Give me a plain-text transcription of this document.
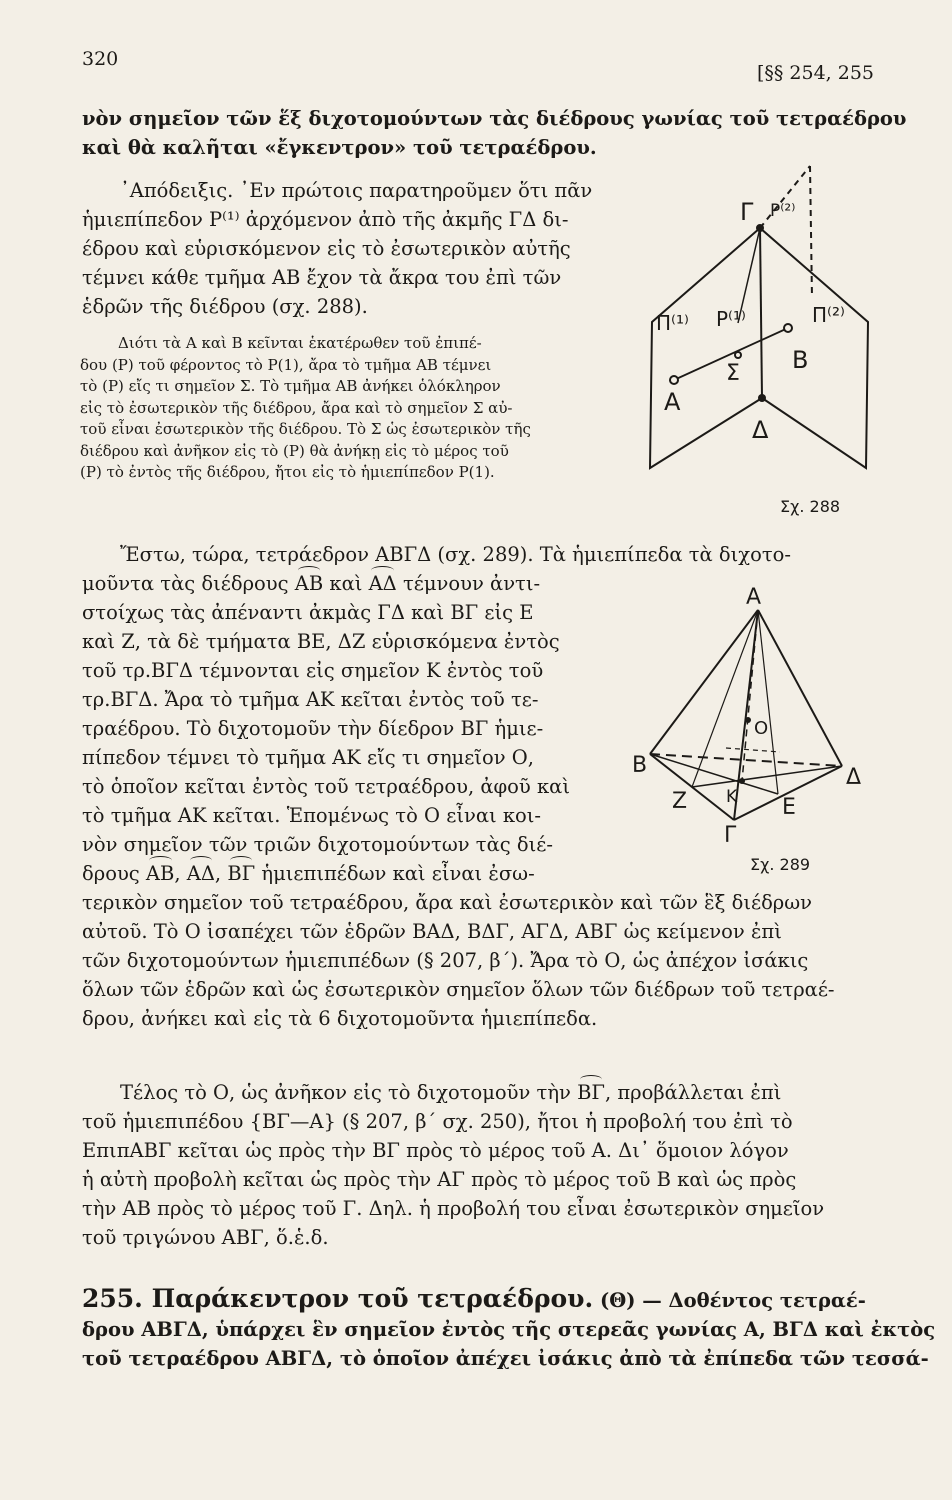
320
[§§ 254, 255
νὸν σημεῖον τῶν ἕξ διχοτομούντων τὰς διέδρους γωνίας τοῦ τετραέδρου
καὶ θὰ καλῆται «ἔγκεντρον» τοῦ τετραέδρου.
᾿Απόδειξις. ᾿Εν πρώτοις παρατηροῦμεν ὅτι πᾶν
ἡμιεπίπεδον P⁽¹⁾ ἀρχόμενον ἀπὸ τῆς ἀκμῆς ΓΔ δι-
έδρου καὶ εὑρισκόμενον εἰς τὸ ἐσωτερικὸν αὐτῆς
τέμνει κάθε τμῆμα ΑΒ ἔχον τὰ ἄκρα του ἐπὶ τῶν
ἑδρῶν τῆς διέδρου (σχ. 288).
Διότι τὰ Α καὶ Β κεῖνται ἑκατέρωθεν τοῦ ἐπιπέ-
δου (P) τοῦ φέροντος τὸ P(1), ἄρα τὸ τμῆμα ΑΒ τέμνει
τὸ (P) εἴς τι σημεῖον Σ. Τὸ τμῆμα ΑΒ ἀνήκει ὁλόκληρον
εἰς τὸ ἐσωτερικὸν τῆς διέδρου, ἄρα καὶ τὸ σημεῖον Σ αὐ-
τοῦ εἶναι ἐσωτερικὸν τῆς διέδρου. Τὸ Σ ὡς ἐσωτερικὸν τῆς
διέδρου καὶ ἀνῆκον εἰς τὸ (P) θὰ ἀνήκῃ εἰς τὸ μέρος τοῦ
(P) τὸ ἐντὸς τῆς διέδρου, ἤτοι εἰς τὸ ἡμιεπίπεδον P(1).
Γ P⁽²⁾
Π⁽¹⁾ P⁽¹⁾	Π⁽²⁾
Σ
Α
Β
Δ
Σχ. 288
Ἔστω, τώρα, τετράεδρον ΑΒΓΔ (σχ. 289). Τὰ ἡμιεπίπεδα τὰ διχοτο-
μοῦντα τὰς διέδρους ΑΒ καὶ ΑΔ τέμνουν ἀντι-
στοίχως τὰς ἀπέναντι ἀκμὰς ΓΔ καὶ ΒΓ εἰς Ε
καὶ Ζ, τὰ δὲ τμήματα ΒΕ, ΔΖ εὑρισκόμενα ἐντὸς
τοῦ τρ.ΒΓΔ τέμνονται εἰς σημεῖον Κ ἐντὸς τοῦ
τρ.ΒΓΔ. Ἄρα τὸ τμῆμα ΑΚ κεῖται ἐντὸς τοῦ τε-
τραέδρου. Τὸ διχοτομοῦν τὴν δίεδρον ΒΓ ἡμιε-
πίπεδον τέμνει τὸ τμῆμα ΑΚ εἴς τι σημεῖον Ο,
τὸ ὁποῖον κεῖται ἐντὸς τοῦ τετραέδρου, ἀφοῦ καὶ
τὸ τμῆμα ΑΚ κεῖται. Ἑπομένως τὸ Ο εἶναι κοι-
νὸν σημεῖον τῶν τριῶν διχοτομούντων τὰς διέ-
δρους ΑΒ, ΑΔ, ΒΓ ἡμιεπιπέδων καὶ εἶναι ἐσω-
τερικὸν σημεῖον τοῦ τετραέδρου, ἄρα καὶ ἐσωτερικὸν καὶ τῶν ἓξ διέδρων
αὐτοῦ. Τὸ Ο ἰσαπέχει τῶν ἑδρῶν ΒΑΔ, ΒΔΓ, ΑΓΔ, ΑΒΓ ὡς κείμενον ἐπὶ
τῶν διχοτομούντων ἡμιεπιπέδων (§ 207, β΄). Ἄρα τὸ Ο, ὡς ἀπέχον ἰσάκις
ὅλων τῶν ἑδρῶν καὶ ὡς ἐσωτερικὸν σημεῖον ὅλων τῶν διέδρων τοῦ τετραέ-
δρου, ἀνήκει καὶ εἰς τὰ 6 διχοτομοῦντα ἡμιεπίπεδα.
Α
Ο
Β	Δ
Ζ Κ Ε
Γ
Σχ. 289
Τέλος τὸ Ο, ὡς ἀνῆκον εἰς τὸ διχοτομοῦν τὴν ΒΓ, προβάλλεται ἐπὶ
τοῦ ἡμιεπιπέδου {ΒΓ—Α} (§ 207, β΄ σχ. 250), ἤτοι ἡ προβολή του ἐπὶ τὸ
ΕπιπΑΒΓ κεῖται ὡς πρὸς τὴν ΒΓ πρὸς τὸ μέρος τοῦ Α. Δι᾽ ὅμοιον λόγον
ἡ αὐτὴ προβολὴ κεῖται ὡς πρὸς τὴν ΑΓ πρὸς τὸ μέρος τοῦ Β καὶ ὡς πρὸς
τὴν ΑΒ πρὸς τὸ μέρος τοῦ Γ. Δηλ. ἡ προβολή του εἶναι ἐσωτερικὸν σημεῖον
τοῦ τριγώνου ΑΒΓ, ὅ.ἑ.δ.
255. Παράκεντρον τοῦ τετραέδρου. (Θ) — Δοθέντος τετραέ-
δρου ΑΒΓΔ, ὑπάρχει ἓν σημεῖον ἐντὸς τῆς στερεᾶς γωνίας Α, ΒΓΔ καὶ ἐκτὸς
τοῦ τετραέδρου ΑΒΓΔ, τὸ ὁποῖον ἀπέχει ἰσάκις ἀπὸ τὰ ἐπίπεδα τῶν τεσσά-
